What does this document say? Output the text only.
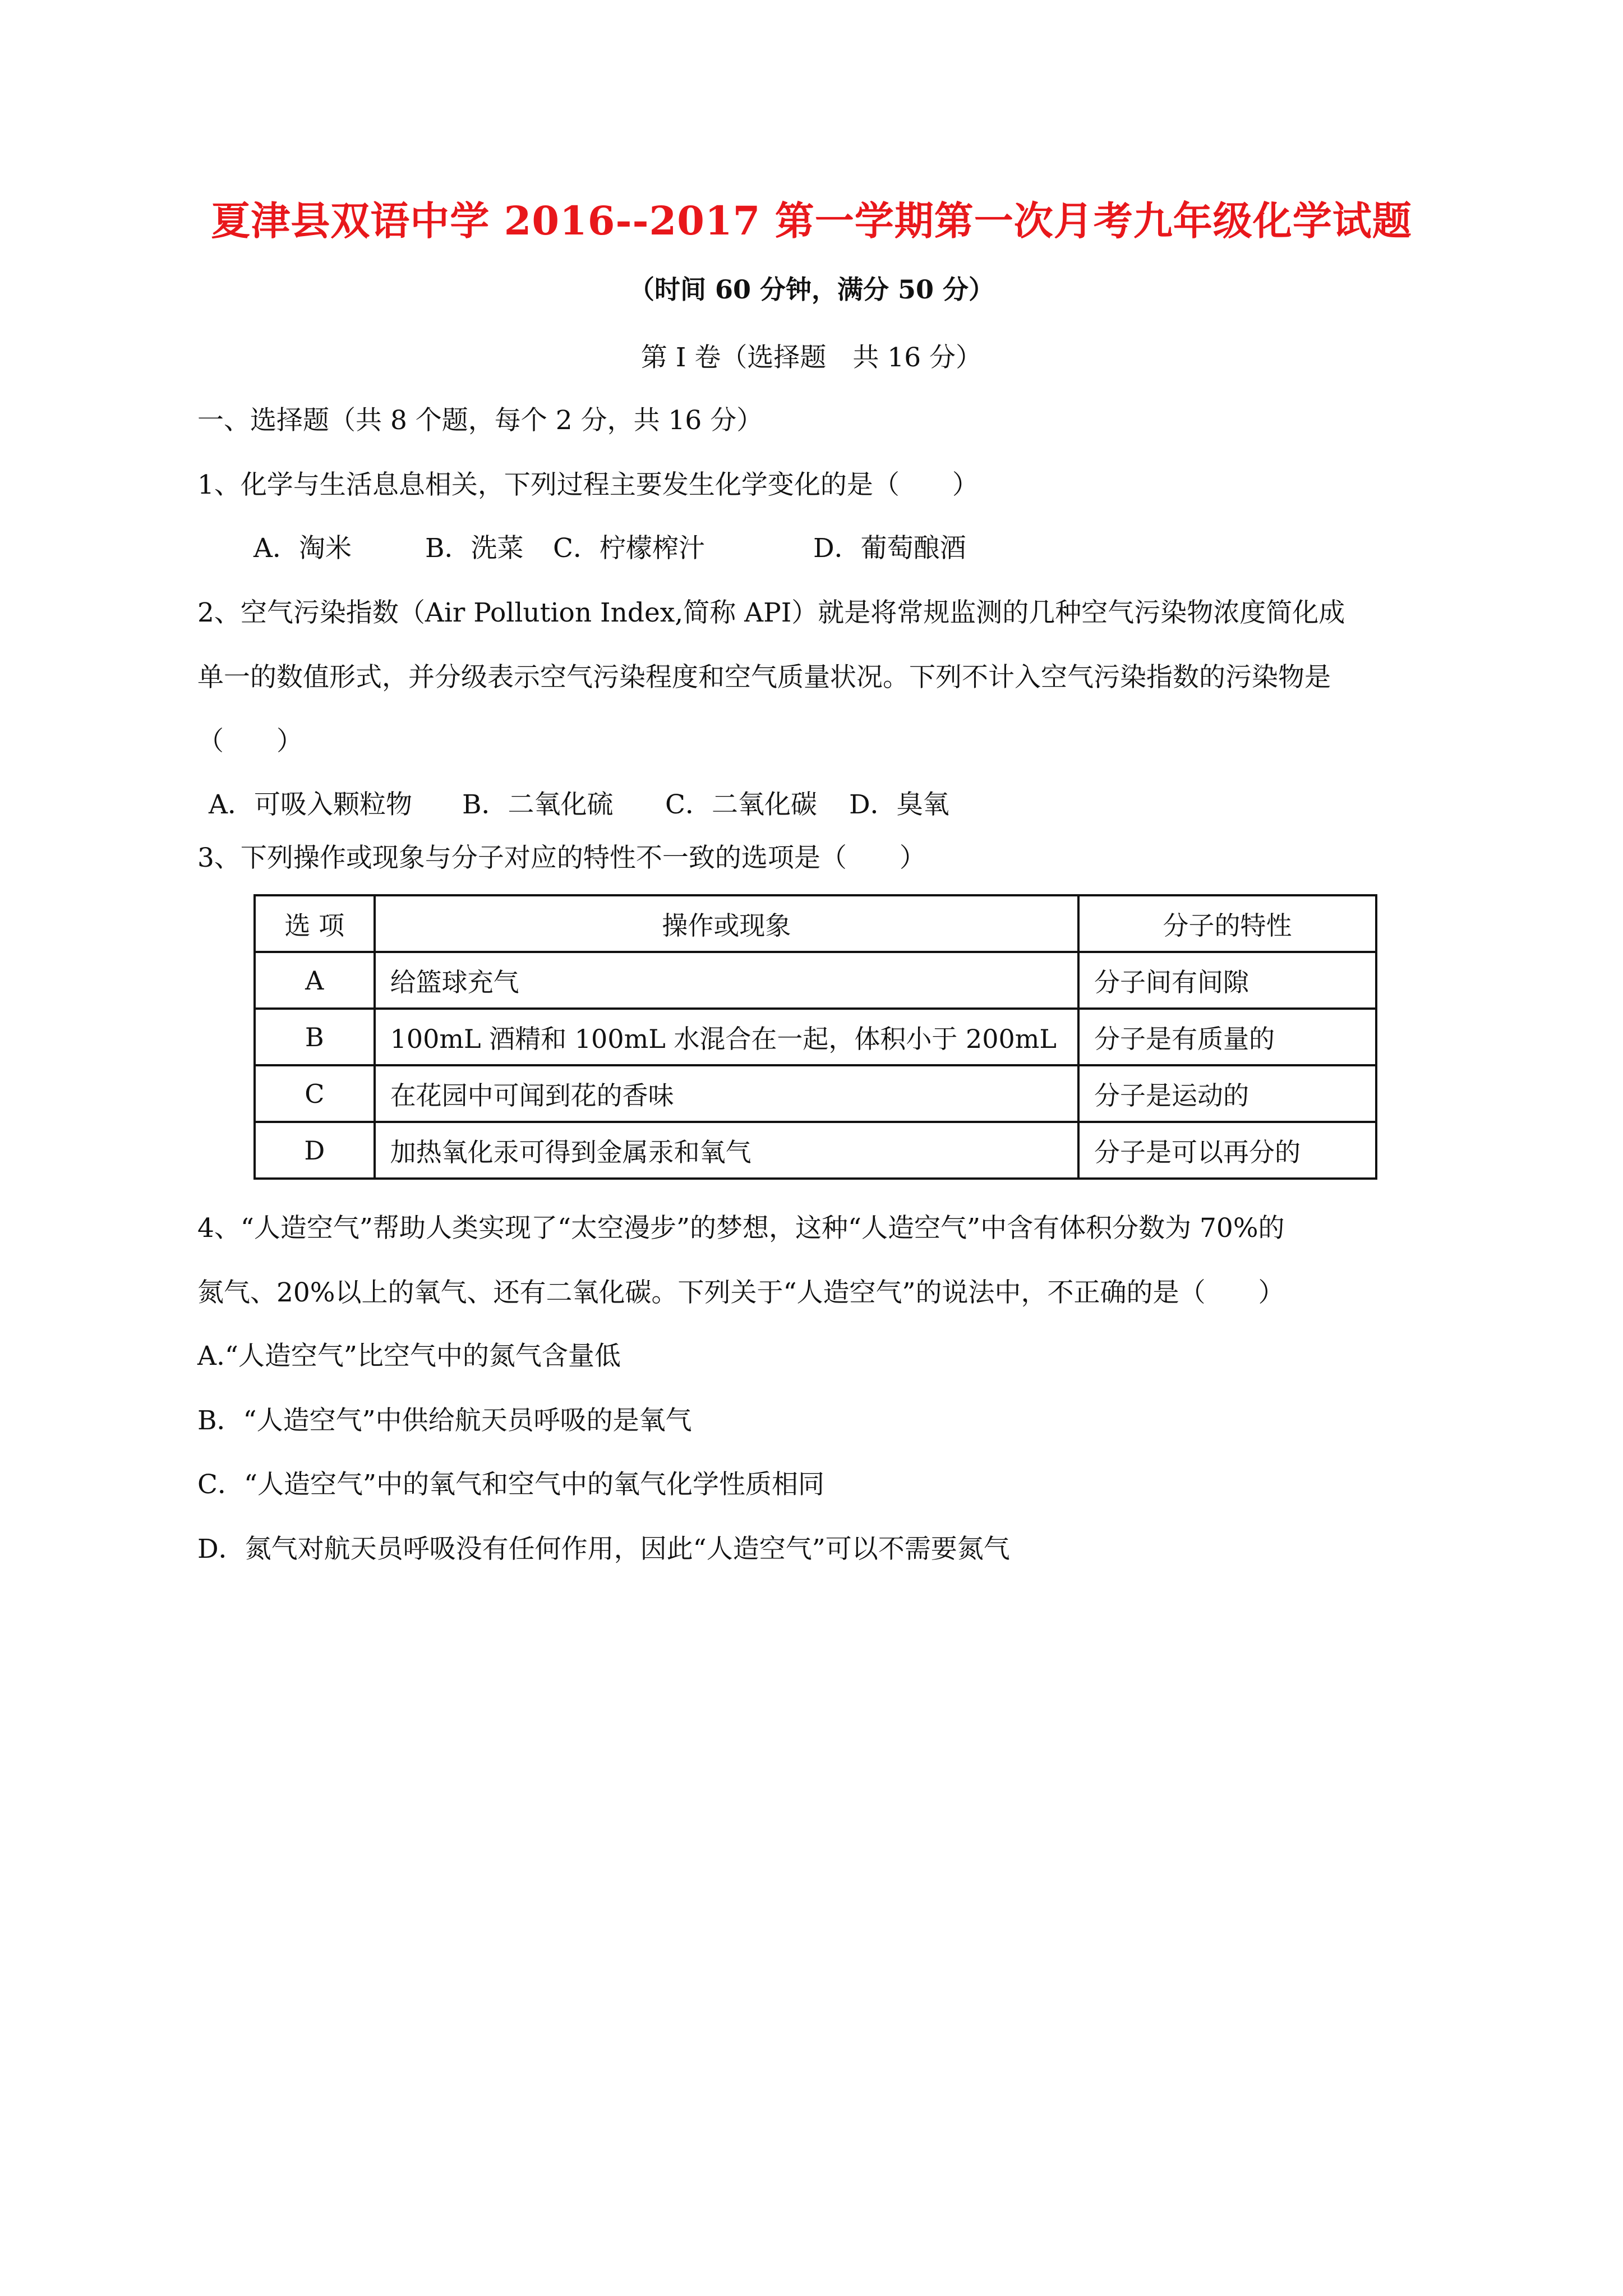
夏津县双语中学 2016--2017 第一学期第一次月考九年级化学试题
（时间 60 分钟，满分 50 分）
第 I 卷（选择题　共 16 分）
一、选择题（共 8 个题，每个 2 分，共 16 分）
1、化学与生活息息相关，下列过程主要发生化学变化的是（　　）
A．淘米	B．洗菜 C．柠檬榨汁	D．葡萄酿酒
2、空气污染指数（Air Pollution Index,简称 API）就是将常规监测的几种空气污染物浓度简化成
单一的数值形式，并分级表示空气污染程度和空气质量状况。下列不计入空气污染指数的污染物是
（　　）
A．可吸入颗粒物 B．二氧化硫 C．二氧化碳 D．臭氧
3、下列操作或现象与分子对应的特性不一致的选项是（　　）
选 项	操作或现象	分子的特性
A	给篮球充气	分子间有间隙
B	100mL 酒精和 100mL 水混合在一起，体积小于 200mL	分子是有质量的
C	在花园中可闻到花的香味	分子是运动的
D	加热氧化汞可得到金属汞和氧气	分子是可以再分的
4、“人造空气”帮助人类实现了“太空漫步”的梦想，这种“人造空气”中含有体积分数为 70%的
氮气、20%以上的氧气、还有二氧化碳。下列关于“人造空气”的说法中，不正确的是（　　）
A.“人造空气”比空气中的氮气含量低
B．“人造空气”中供给航天员呼吸的是氧气
C．“人造空气”中的氧气和空气中的氧气化学性质相同
D．氮气对航天员呼吸没有任何作用，因此“人造空气”可以不需要氮气
